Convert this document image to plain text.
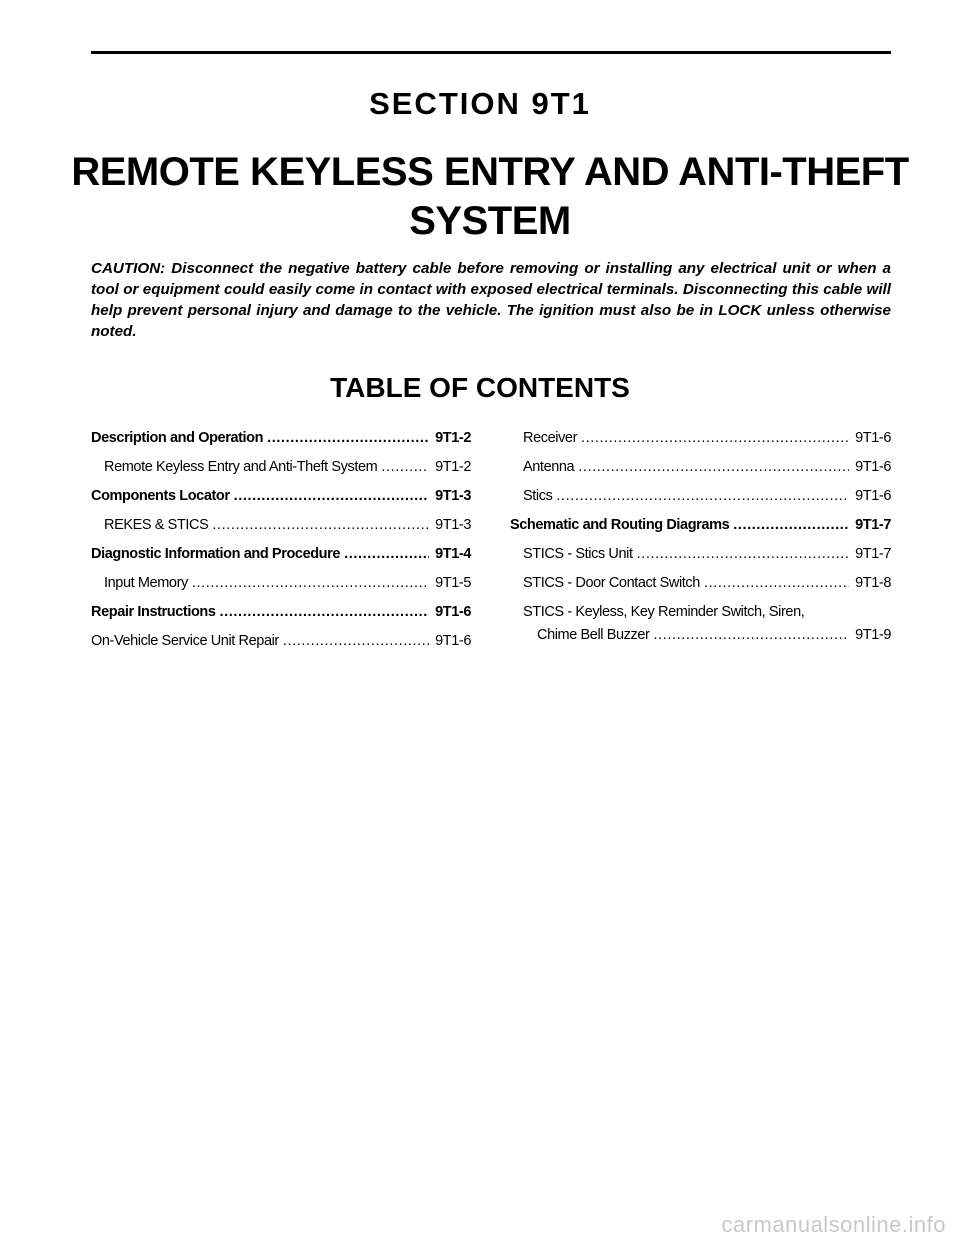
SECTION 9T1
REMOTE KEYLESS ENTRY AND ANTI-THEFT SYSTEM
CAUTION: Disconnect the negative battery cable before removing or installing any electrical unit or when a tool or equipment could easily come in contact with exposed electrical terminals. Disconnecting this cable will help prevent personal injury and damage to the vehicle. The ignition must also be in LOCK unless otherwise noted.
TABLE OF CONTENTS
Description and Operation .....	9T1-2
Remote Keyless Entry and Anti-Theft System .....	9T1-2
Components Locator .....	9T1-3
REKES & STICS .....	9T1-3
Diagnostic Information and Procedure .....	9T1-4
Input Memory .....	9T1-5
Repair Instructions .....	9T1-6
On-Vehicle Service Unit Repair .....	9T1-6
Receiver .....	9T1-6
Antenna .....	9T1-6
Stics .....	9T1-6
Schematic and Routing Diagrams .....	9T1-7
STICS - Stics Unit .....	9T1-7
STICS - Door Contact Switch .....	9T1-8
STICS - Keyless, Key Reminder Switch, Siren,
Chime Bell Buzzer .....	9T1-9
carmanualsonline.info
